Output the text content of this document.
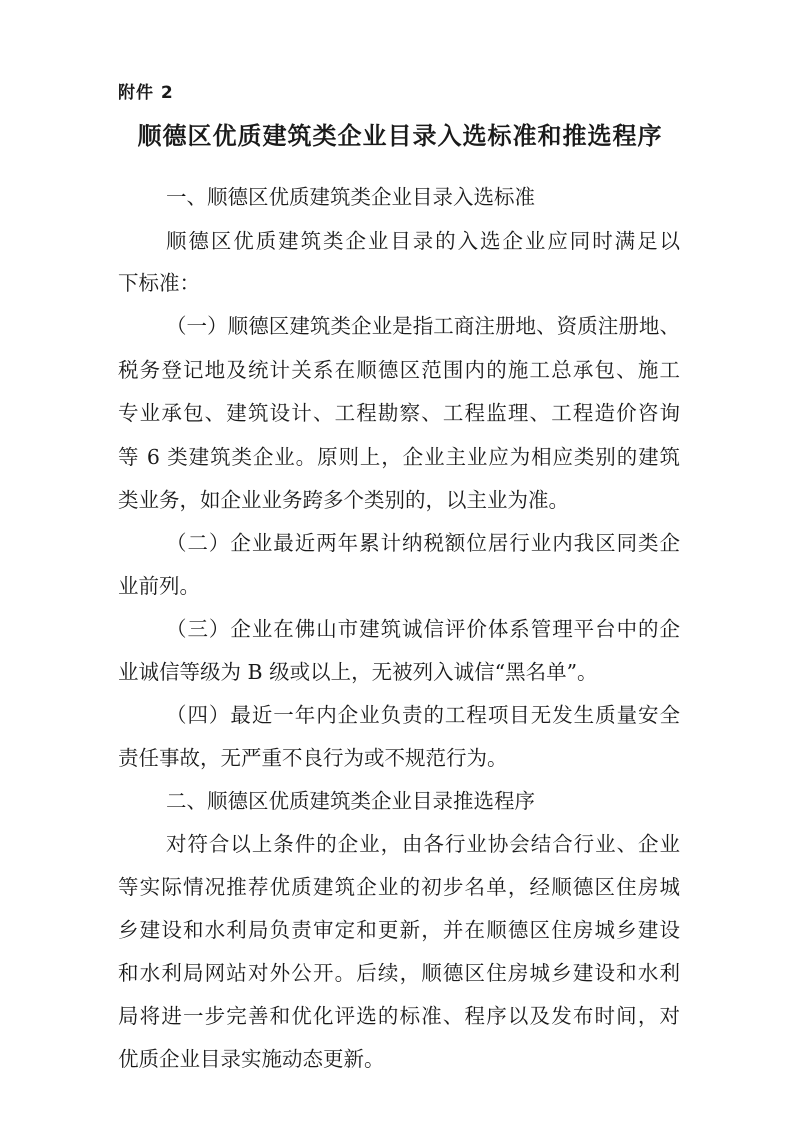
附件 2
顺德区优质建筑类企业目录入选标准和推选程序

一、顺德区优质建筑类企业目录入选标准

顺德区优质建筑类企业目录的入选企业应同时满足以

下标准：

（一）顺德区建筑类企业是指工商注册地、资质注册地、

税务登记地及统计关系在顺德区范围内的施工总承包、施工

专业承包、建筑设计、工程勘察、工程监理、工程造价咨询

等 6 类建筑类企业。原则上，企业主业应为相应类别的建筑

类业务，如企业业务跨多个类别的，以主业为准。

（二）企业最近两年累计纳税额位居行业内我区同类企

业前列。

（三）企业在佛山市建筑诚信评价体系管理平台中的企

业诚信等级为 B 级或以上，无被列入诚信“黑名单”。

（四）最近一年内企业负责的工程项目无发生质量安全

责任事故，无严重不良行为或不规范行为。

二、顺德区优质建筑类企业目录推选程序

对符合以上条件的企业，由各行业协会结合行业、企业

等实际情况推荐优质建筑企业的初步名单，经顺德区住房城

乡建设和水利局负责审定和更新，并在顺德区住房城乡建设

和水利局网站对外公开。后续，顺德区住房城乡建设和水利

局将进一步完善和优化评选的标准、程序以及发布时间，对

优质企业目录实施动态更新。
